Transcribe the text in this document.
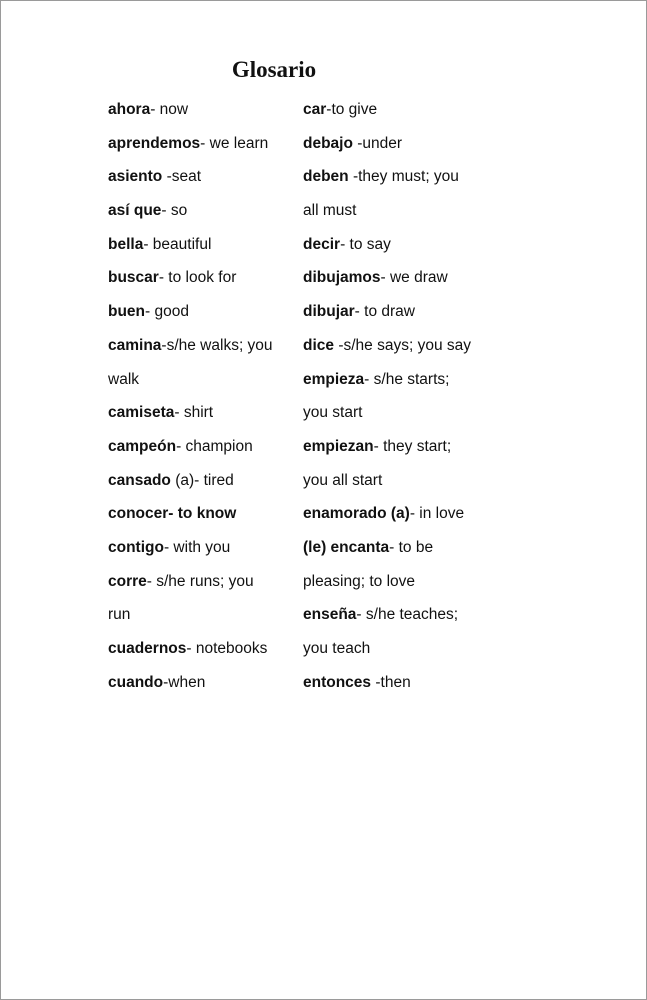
Glosario
ahora- now
aprendemos- we learn
asiento -seat
así que- so
bella- beautiful
buscar- to look for
buen- good
camina-s/he walks; you
walk
camiseta- shirt
campeón- champion
cansado (a)- tired
conocer- to know
contigo- with you
corre- s/he runs; you
run
cuadernos- notebooks
cuando-when
car-to give
debajo -under
deben -they must; you
all must
decir- to say
dibujamos- we draw
dibujar- to draw
dice -s/he says; you say
empieza- s/he starts;
you start
empiezan- they start;
you all start
enamorado (a)- in love
(le) encanta- to be
pleasing; to love
enseña- s/he teaches;
you teach
entonces -then
